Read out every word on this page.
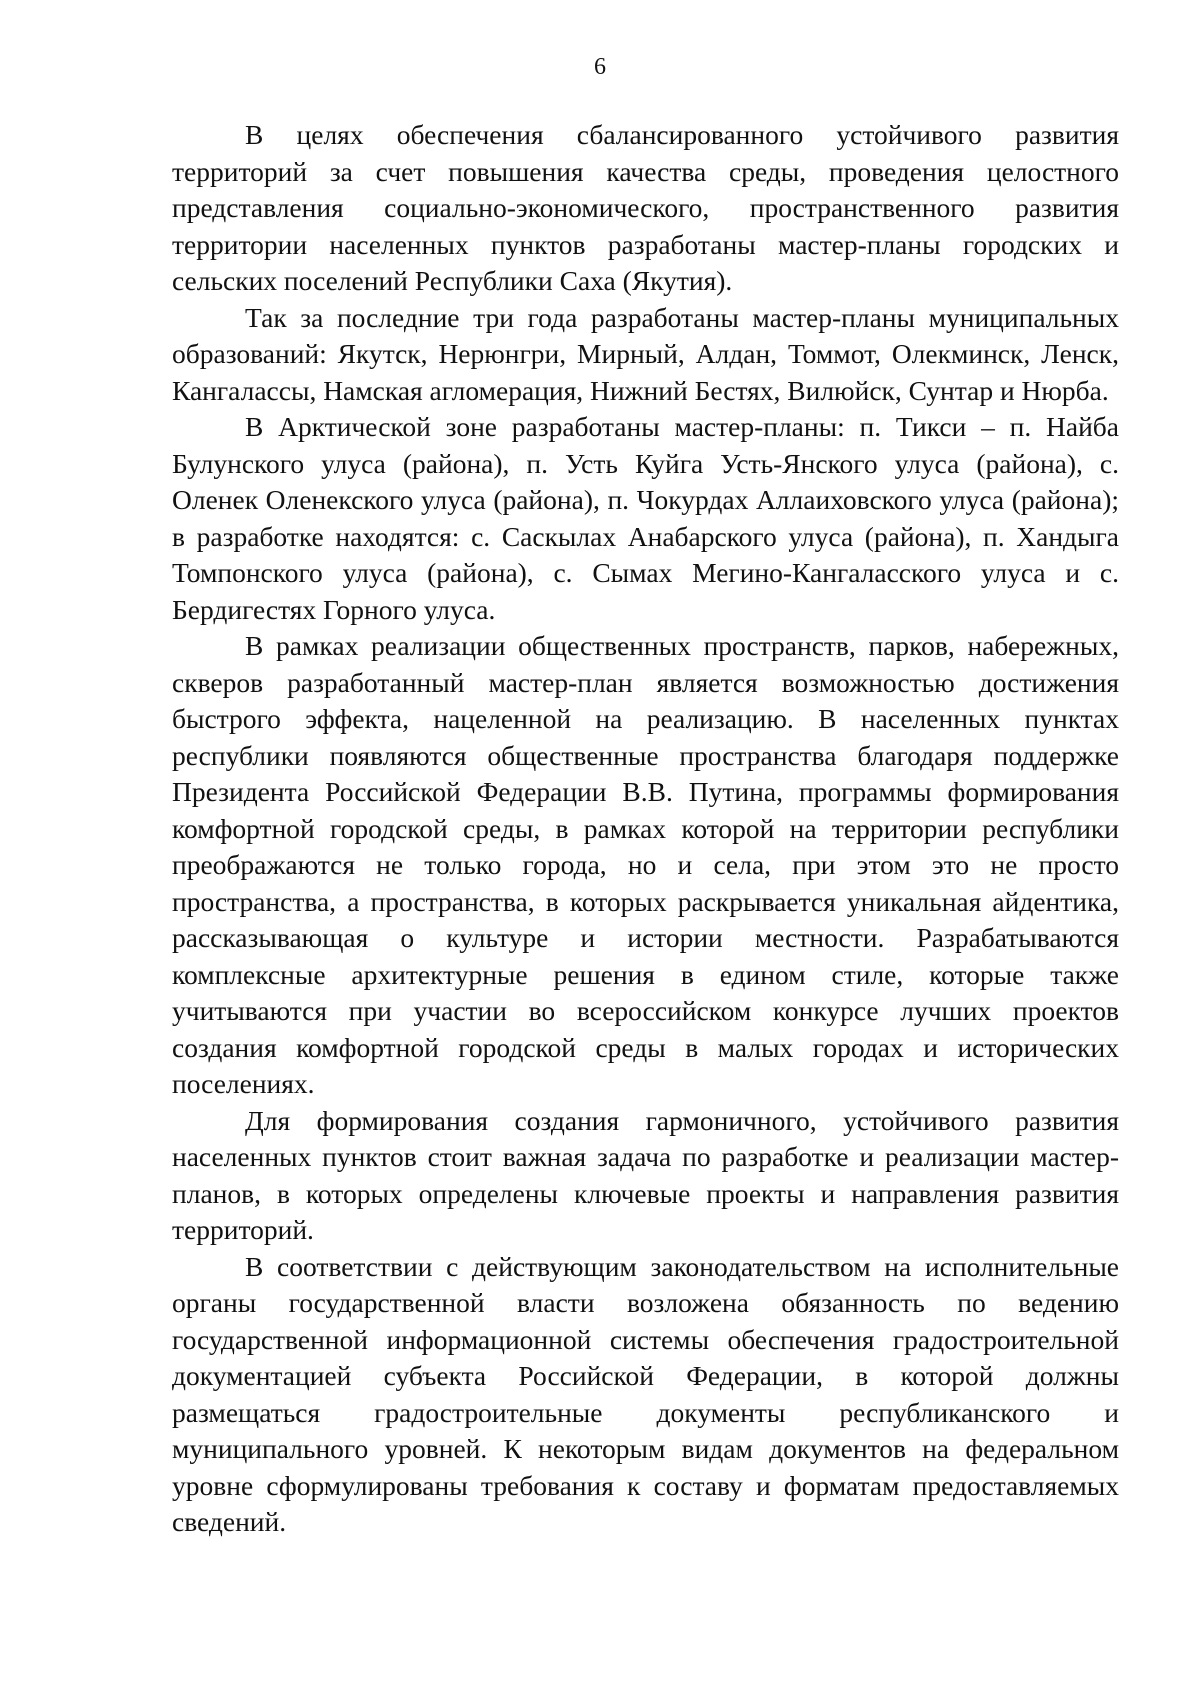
6

В целях обеспечения сбалансированного устойчивого развития территорий за счет повышения качества среды, проведения целостного представления социально-экономического, пространственного развития территории населенных пунктов разработаны мастер-планы городских и сельских поселений Республики Саха (Якутия).

Так за последние три года разработаны мастер-планы муниципальных образований: Якутск, Нерюнгри, Мирный, Алдан, Томмот, Олекминск, Ленск, Кангалассы, Намская агломерация, Нижний Бестях, Вилюйск, Сунтар и Нюрба.

В Арктической зоне разработаны мастер-планы: п. Тикси – п. Найба Булунского улуса (района), п. Усть Куйга Усть-Янского улуса (района), с. Оленек Оленекского улуса (района), п. Чокурдах Аллаиховского улуса (района); в разработке находятся: с. Саскылах Анабарского улуса (района), п. Хандыга Томпонского улуса (района), с. Сымах Мегино-Кангаласского улуса и с. Бердигестях Горного улуса.

В рамках реализации общественных пространств, парков, набережных, скверов разработанный мастер-план является возможностью достижения быстрого эффекта, нацеленной на реализацию. В населенных пунктах республики появляются общественные пространства благодаря поддержке Президента Российской Федерации В.В. Путина, программы формирования комфортной городской среды, в рамках которой на территории республики преображаются не только города, но и села, при этом это не просто пространства, а пространства, в которых раскрывается уникальная айдентика, рассказывающая о культуре и истории местности. Разрабатываются комплексные архитектурные решения в едином стиле, которые также учитываются при участии во всероссийском конкурсе лучших проектов создания комфортной городской среды в малых городах и исторических поселениях.

Для формирования создания гармоничного, устойчивого развития населенных пунктов стоит важная задача по разработке и реализации мастер-планов, в которых определены ключевые проекты и направления развития территорий.

В соответствии с действующим законодательством на исполнительные органы государственной власти возложена обязанность по ведению государственной информационной системы обеспечения градостроительной документацией субъекта Российской Федерации, в которой должны размещаться градостроительные документы республиканского и муниципального уровней. К некоторым видам документов на федеральном уровне сформулированы требования к составу и форматам предоставляемых сведений.
